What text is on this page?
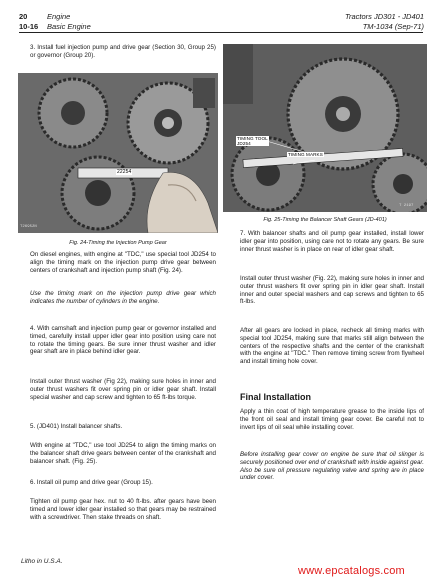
20	Engine
10-16 Basic Engine
Tractors JD301 - JD401
TM-1034 (Sep-71)

3. Install fuel injection pump and drive gear (Section 30, Group 25) or governor (Group 20).

22254
T26952N
Fig. 24-Timing the Injection Pump Gear

On diesel engines, with engine at "TDC," use special tool JD254 to align the timing mark on the injection pump drive gear between centers of crankshaft and injection pump shaft (Fig. 24).

Use the timing mark on the injection pump drive gear which indicates the number of cylinders in the engine.

4. With camshaft and injection pump gear or governor installed and timed, carefully install upper idler gear into position using care not to rotate the timing gears. Be sure inner thrust washer and idler gear shaft are in place behind idler gear.

Install outer thrust washer (Fig 22), making sure holes in inner and outer thrust washers fit over spring pin or idler gear shaft. Install special washer and cap screw and tighten to 65 ft-lbs torque.

5. (JD401) Install balancer shafts.

With engine at "TDC," use tool JD254 to align the timing marks on the balancer shaft drive gears between center of the crankshaft and balancer shaft. (Fig. 25).

6. Install oil pump and drive gear (Group 15).

Tighten oil pump gear hex. nut to 40 ft-lbs. after gears have been timed and lower idler gear installed so that gears may be restrained with a screwdriver. Then stake threads on shaft.

Litho in U.S.A.
TIMING TOOL
JD254
TIMING MARKS
T 2197
Fig. 25-Timing the Balancer Shaft Gears (JD-401)

7. With balancer shafts and oil pump gear installed, install lower idler gear into position, using care not to rotate any gears. Be sure inner thrust washer is in place on rear of idler gear shaft.

Install outer thrust washer (Fig. 22), making sure holes in inner and outer thrust washers fit over spring pin in idler gear shaft. Install inner and outer special washers and cap screws and tighten to 65 ft-lbs.

After all gears are locked in place, recheck all timing marks with special tool JD254, making sure that marks still align between the centers of the respective shafts and the center of the crankshaft with the engine at "TDC." Then remove timing screw from flywheel and install timing hole cover.

Final Installation

Apply a thin coat of high temperature grease to the inside lips of the front oil seal and install timing gear cover. Be careful not to invert lips of oil seal while installing cover.

Before installing gear cover on engine be sure that oil slinger is securely positioned over end of crankshaft with inside against gear. Also be sure oil pressure regulating valve and spring are in place under cover.

www.epcatalogs.com
